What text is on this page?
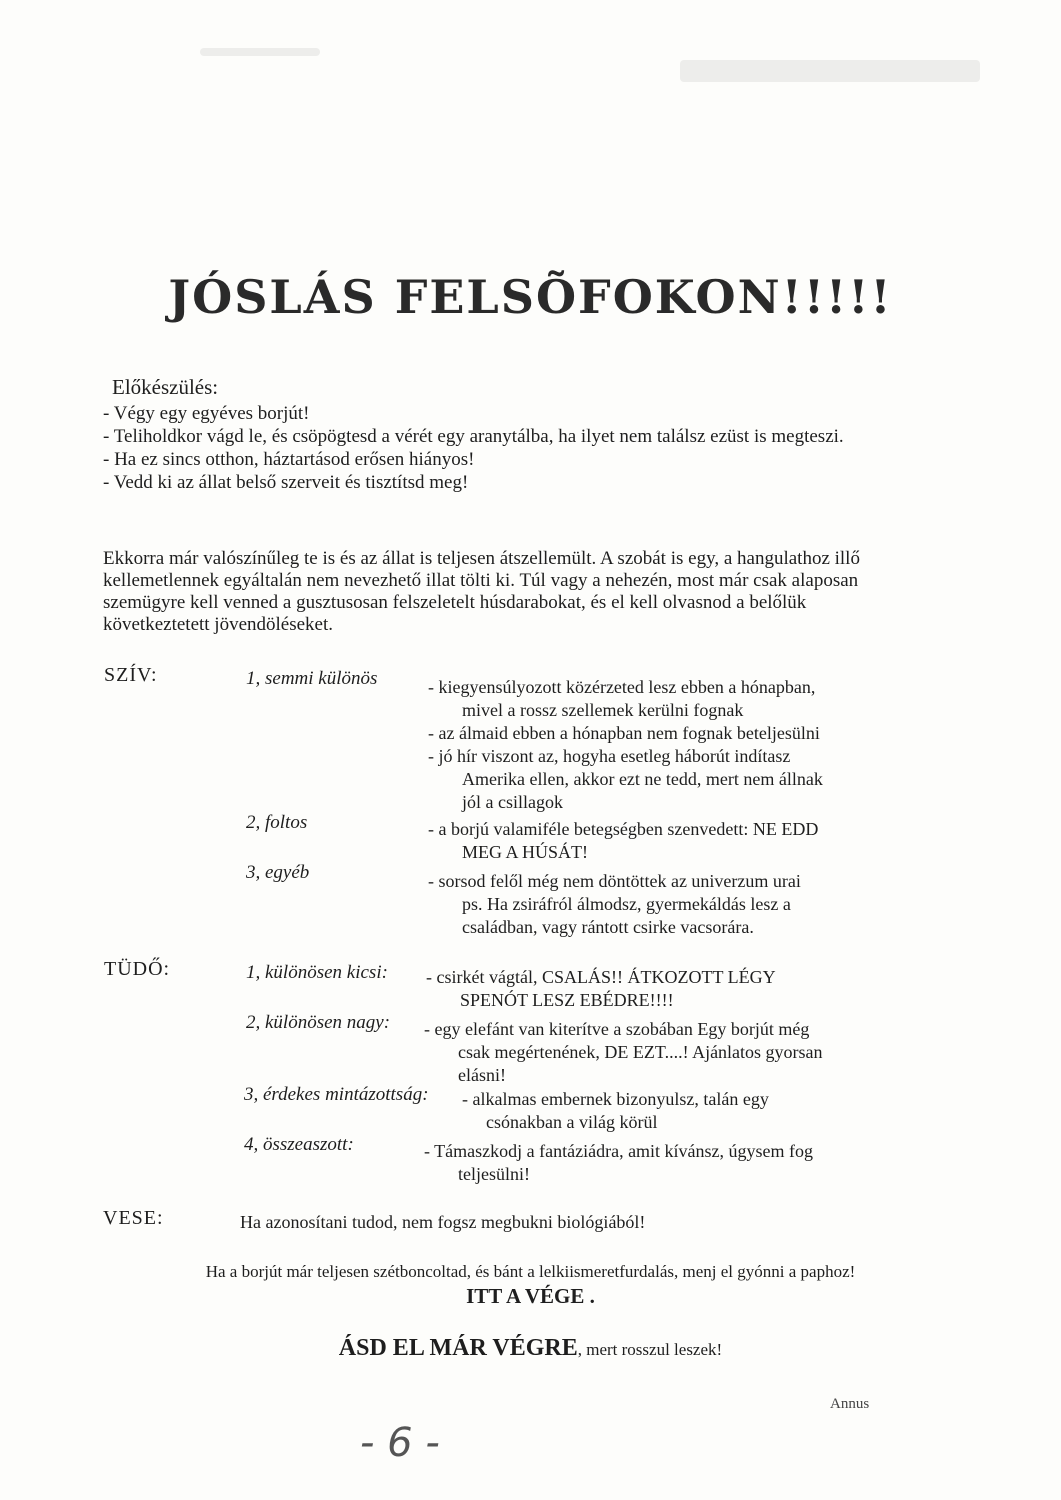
JÓSLÁS FELSÕFOKON!!!!!
Előkészülés:
- Végy egy egyéves borjút!
- Teliholdkor vágd le, és csöpögtesd a vérét egy aranytálba, ha ilyet nem találsz ezüst is megteszi.
- Ha ez sincs otthon, háztartásod erősen hiányos!
- Vedd ki az állat belső szerveit és tisztítsd meg!
Ekkorra már valószínűleg te is és az állat is teljesen átszellemült. A szobát is egy, a hangulathoz illő kellemetlennek egyáltalán nem nevezhető illat tölti ki. Túl vagy a nehezén, most már csak alaposan szemügyre kell venned a gusztusosan felszeletelt húsdarabokat, és el kell olvasnod a belőlük következtetett jövendöléseket.
SZÍV:	1, semmi különös	- kiegyensúlyozott közérzeted lesz ebben a hónapban,
mivel a rossz szellemek kerülni fognak
- az álmaid ebben a hónapban nem fognak beteljesülni
- jó hír viszont az, hogyha esetleg háborút indítasz
Amerika ellen, akkor ezt ne tedd, mert nem állnak
jól a csillagok
2, foltos	- a borjú valamiféle betegségben szenvedett: NE EDD
MEG A HÚSÁT!
3, egyéb	- sorsod felől még nem döntöttek az univerzum urai
ps. Ha zsiráfról álmodsz, gyermekáldás lesz a
családban, vagy rántott csirke vacsorára.
TÜDŐ:	1, különösen kicsi: - csirkét vágtál, CSALÁS!! ÁTKOZOTT LÉGY
SPENÓT LESZ EBÉDRE!!!!
2, különösen nagy: - egy elefánt van kiterítve a szobában Egy borjút még
csak megértenének, DE EZT....! Ajánlatos gyorsan
elásni!
3, érdekes mintázottság: - alkalmas embernek bizonyulsz, talán egy
csónakban a világ körül
4, összeaszott:	- Támaszkodj a fantáziádra, amit kívánsz, úgysem fog
teljesülni!
VESE:	Ha azonosítani tudod, nem fogsz megbukni biológiából!
Ha a borjút már teljesen szétboncoltad, és bánt a lelkiismeretfurdalás, menj el gyónni a paphoz!
ITT A VÉGE .
ÁSD EL MÁR VÉGRE, mert rosszul leszek!
Annus
- 6 -
